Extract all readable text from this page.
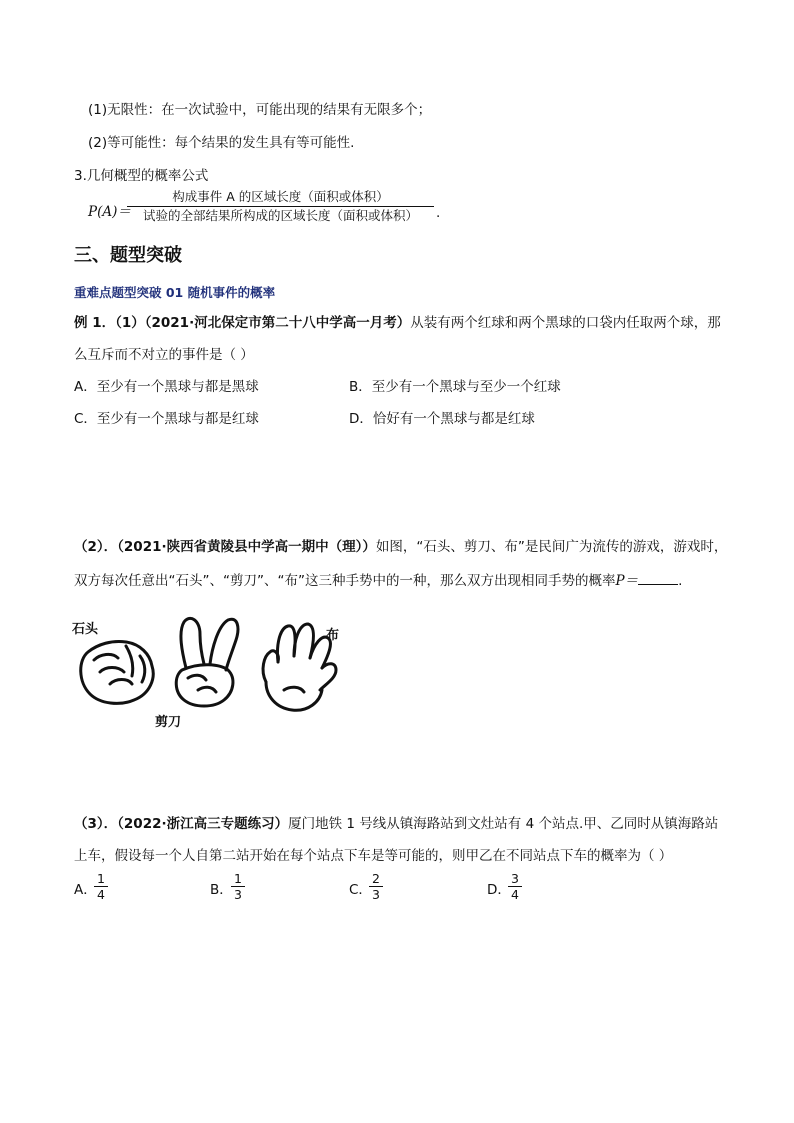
(1)无限性：在一次试验中，可能出现的结果有无限多个；
(2)等可能性：每个结果的发生具有等可能性.
3.几何概型的概率公式
P(A)＝
构成事件 A 的区域长度（面积或体积）
试验的全部结果所构成的区域长度（面积或体积）	.
三、题型突破
重难点题型突破 01 随机事件的概率
例 1．（1）（2021·河北保定市第二十八中学高一月考）从装有两个红球和两个黑球的口袋内任取两个球，那
么互斥而不对立的事件是（ ）
A．至少有一个黑球与都是黑球	B．至少有一个黑球与至少一个红球
C．至少有一个黑球与都是红球	D．恰好有一个黑球与都是红球
（2）．（2021·陕西省黄陵县中学高一期中（理））如图，“石头、剪刀、布”是民间广为流传的游戏，游戏时，
双方每次任意出“石头”、“剪刀”、“布”这三种手势中的一种，那么双方出现相同手势的概率P＝	.
石头	布
剪刀
（3）．（2022·浙江高三专题练习）厦门地铁 1 号线从镇海路站到文灶站有 4 个站点.甲、乙同时从镇海路站
上车，假设每一个人自第二站开始在每个站点下车是等可能的，则甲乙在不同站点下车的概率为（ ）
A．
1
4	B．
1
3	C．
2
3	D．
3
4
